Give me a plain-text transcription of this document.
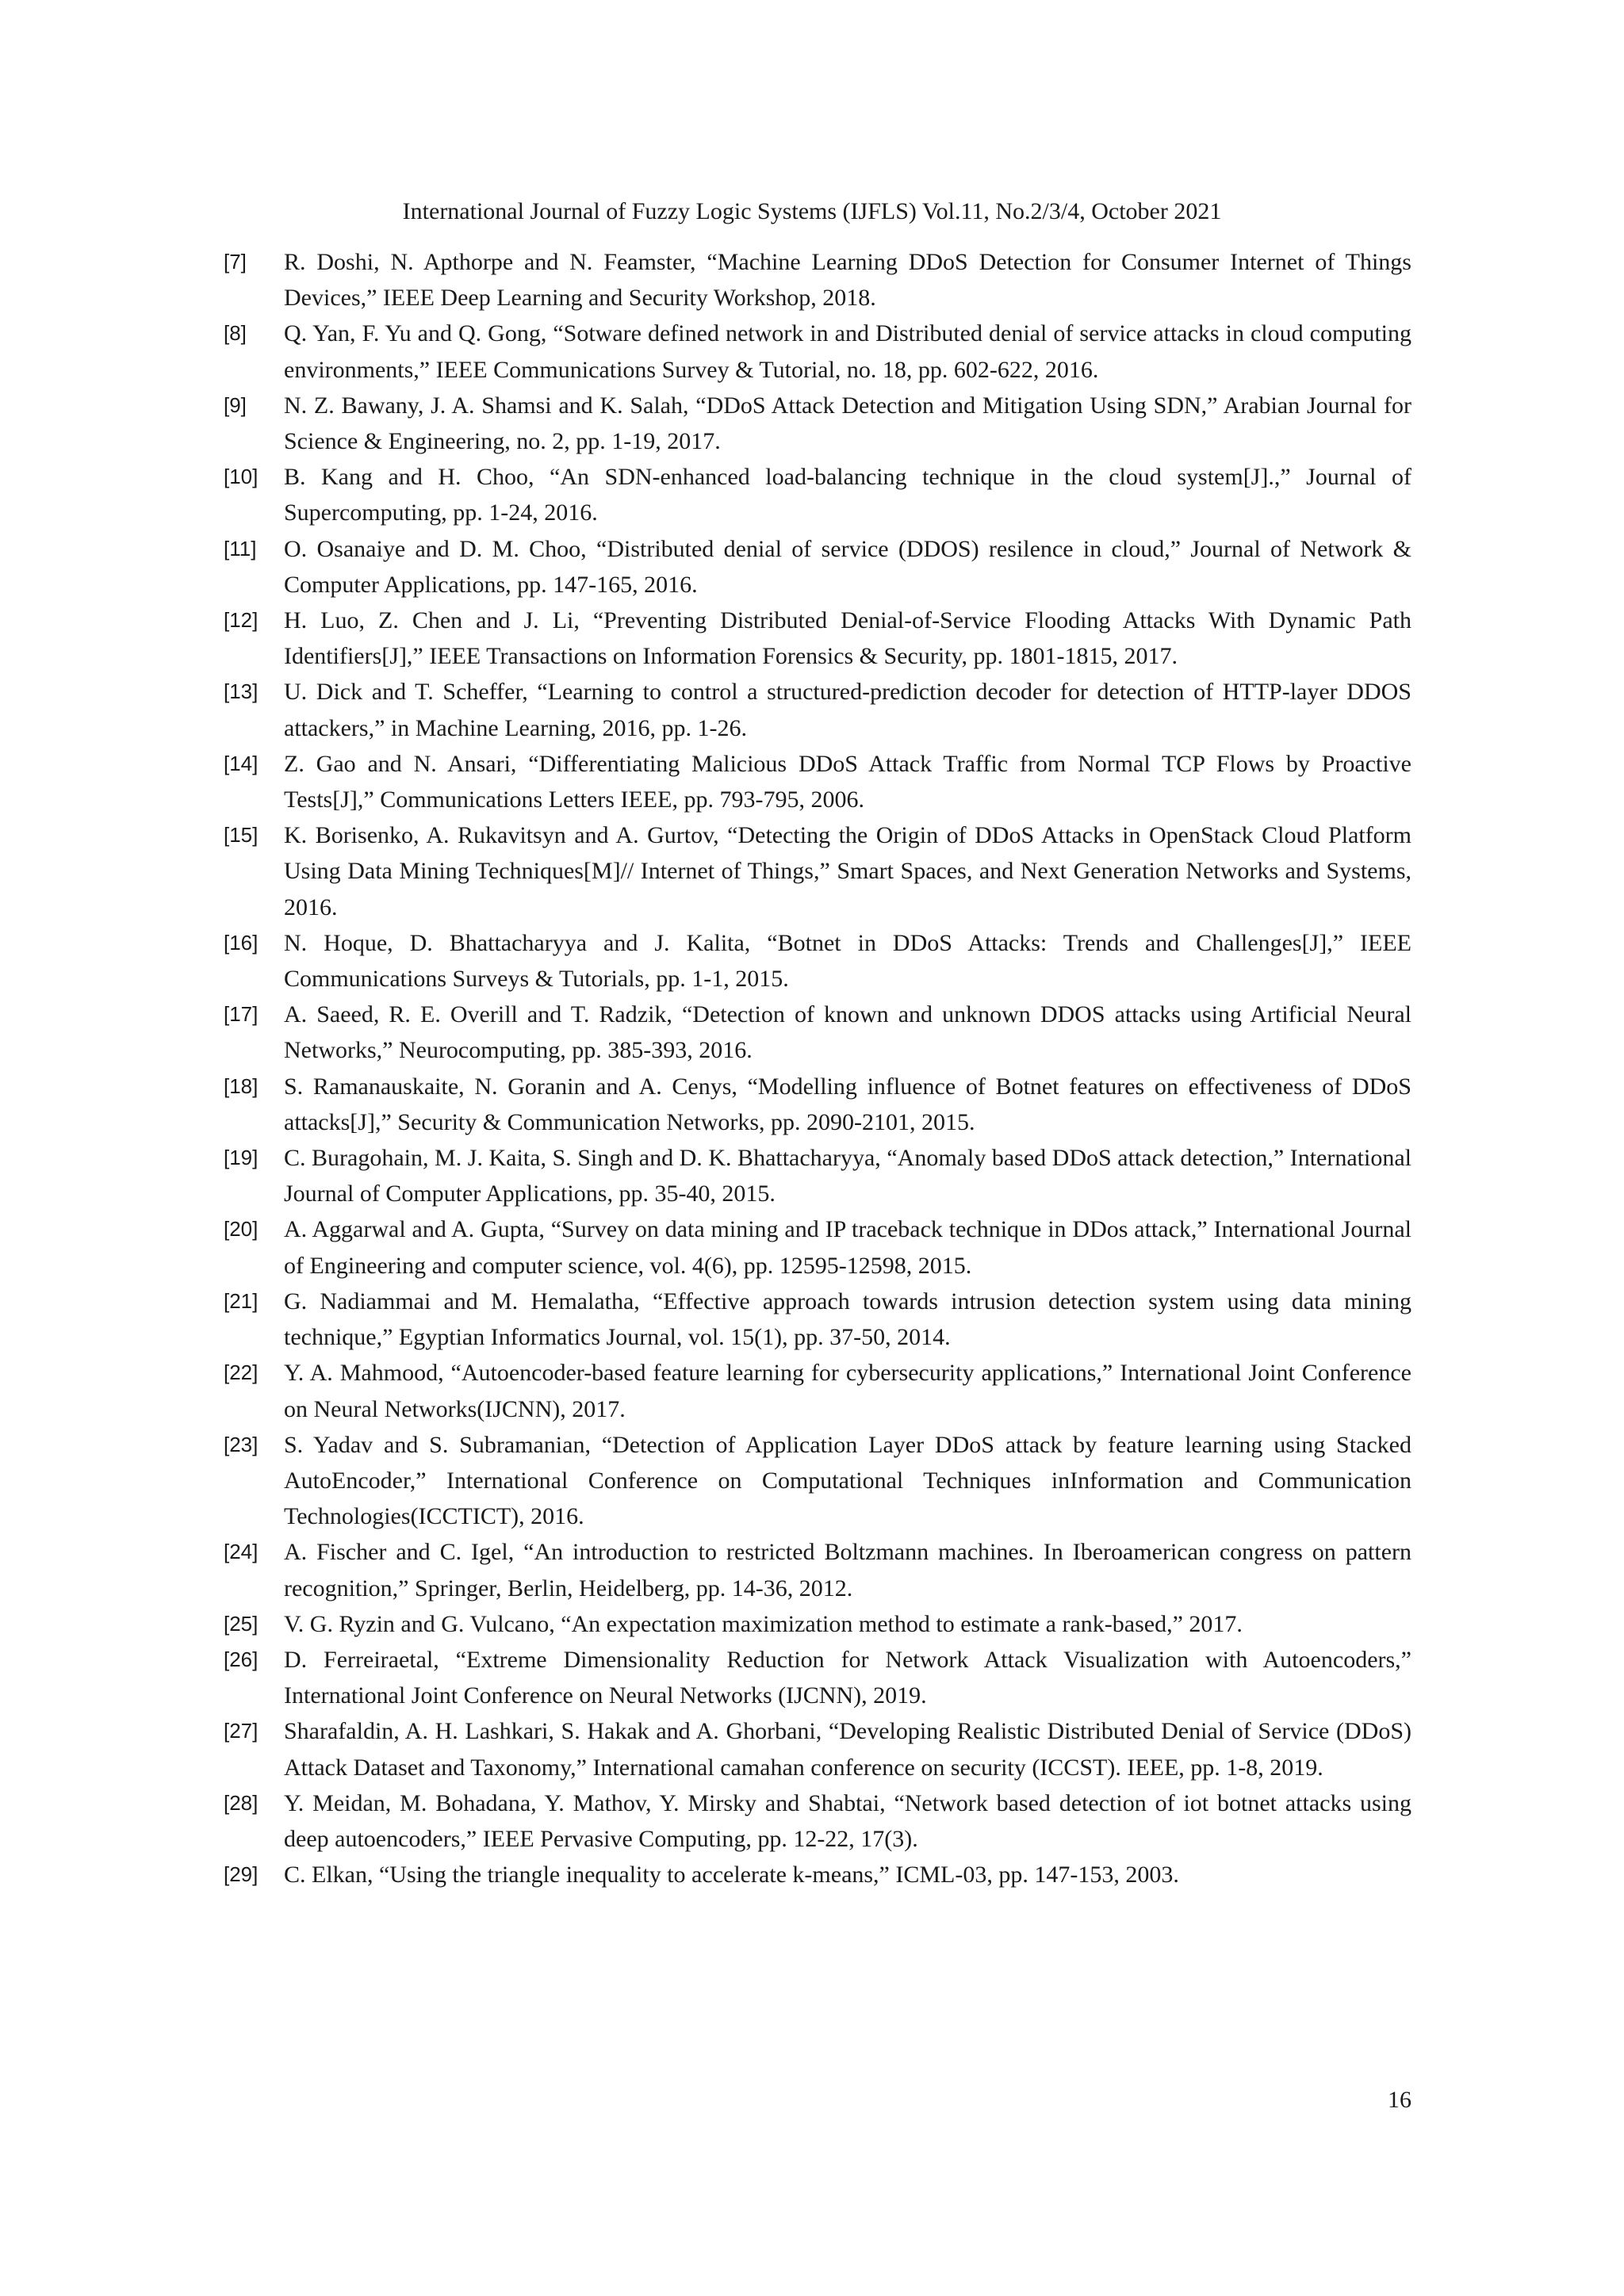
International Journal of Fuzzy Logic Systems (IJFLS) Vol.11, No.2/3/4, October 2021
[7]	R. Doshi, N. Apthorpe and N. Feamster, “Machine Learning DDoS Detection for Consumer Internet of Things Devices,” IEEE Deep Learning and Security Workshop, 2018.
[8]	Q. Yan, F. Yu and Q. Gong, “Sotware defined network in and Distributed denial of service attacks in cloud computing environments,” IEEE Communications Survey & Tutorial, no. 18, pp. 602-622, 2016.
[9]	N. Z. Bawany, J. A. Shamsi and K. Salah, “DDoS Attack Detection and Mitigation Using SDN,” Arabian Journal for Science & Engineering, no. 2, pp. 1-19, 2017.
[10]	B. Kang and H. Choo, “An SDN-enhanced load-balancing technique in the cloud system[J].,” Journal of Supercomputing, pp. 1-24, 2016.
[11]	O. Osanaiye and D. M. Choo, “Distributed denial of service (DDOS) resilence in cloud,” Journal of Network & Computer Applications, pp. 147-165, 2016.
[12]	H. Luo, Z. Chen and J. Li, “Preventing Distributed Denial-of-Service Flooding Attacks With Dynamic Path Identifiers[J],” IEEE Transactions on Information Forensics & Security, pp. 1801-1815, 2017.
[13]	U. Dick and T. Scheffer, “Learning to control a structured-prediction decoder for detection of HTTP-layer DDOS attackers,” in Machine Learning, 2016, pp. 1-26.
[14]	Z. Gao and N. Ansari, “Differentiating Malicious DDoS Attack Traffic from Normal TCP Flows by Proactive Tests[J],” Communications Letters IEEE, pp. 793-795, 2006.
[15]	K. Borisenko, A. Rukavitsyn and A. Gurtov, “Detecting the Origin of DDoS Attacks in OpenStack Cloud Platform Using Data Mining Techniques[M]// Internet of Things,” Smart Spaces, and Next Generation Networks and Systems, 2016.
[16]	N. Hoque, D. Bhattacharyya and J. Kalita, “Botnet in DDoS Attacks: Trends and Challenges[J],” IEEE Communications Surveys & Tutorials, pp. 1-1, 2015.
[17]	A. Saeed, R. E. Overill and T. Radzik, “Detection of known and unknown DDOS attacks using Artificial Neural Networks,” Neurocomputing, pp. 385-393, 2016.
[18]	S. Ramanauskaite, N. Goranin and A. Cenys, “Modelling influence of Botnet features on effectiveness of DDoS attacks[J],” Security & Communication Networks, pp. 2090-2101, 2015.
[19]	C. Buragohain, M. J. Kaita, S. Singh and D. K. Bhattacharyya, “Anomaly based DDoS attack detection,” International Journal of Computer Applications, pp. 35-40, 2015.
[20]	A. Aggarwal and A. Gupta, “Survey on data mining and IP traceback technique in DDos attack,” International Journal of Engineering and computer science, vol. 4(6), pp. 12595-12598, 2015.
[21]	G. Nadiammai and M. Hemalatha, “Effective approach towards intrusion detection system using data mining technique,” Egyptian Informatics Journal, vol. 15(1), pp. 37-50, 2014.
[22]	Y. A. Mahmood, “Autoencoder-based feature learning for cybersecurity applications,” International Joint Conference on Neural Networks(IJCNN), 2017.
[23]	S. Yadav and S. Subramanian, “Detection of Application Layer DDoS attack by feature learning using Stacked AutoEncoder,” International Conference on Computational Techniques inInformation and Communication Technologies(ICCTICT), 2016.
[24]	A. Fischer and C. Igel, “An introduction to restricted Boltzmann machines. In Iberoamerican congress on pattern recognition,” Springer, Berlin, Heidelberg, pp. 14-36, 2012.
[25]	V. G. Ryzin and G. Vulcano, “An expectation maximization method to estimate a rank-based,” 2017.
[26]	D. Ferreiraetal, “Extreme Dimensionality Reduction for Network Attack Visualization with Autoencoders,” International Joint Conference on Neural Networks (IJCNN), 2019.
[27]	Sharafaldin, A. H. Lashkari, S. Hakak and A. Ghorbani, “Developing Realistic Distributed Denial of Service (DDoS) Attack Dataset and Taxonomy,” International camahan conference on security (ICCST). IEEE, pp. 1-8, 2019.
[28]	Y. Meidan, M. Bohadana, Y. Mathov, Y. Mirsky and Shabtai, “Network based detection of iot botnet attacks using deep autoencoders,” IEEE Pervasive Computing, pp. 12-22, 17(3).
[29]	C. Elkan, “Using the triangle inequality to accelerate k-means,” ICML-03, pp. 147-153, 2003.
16
